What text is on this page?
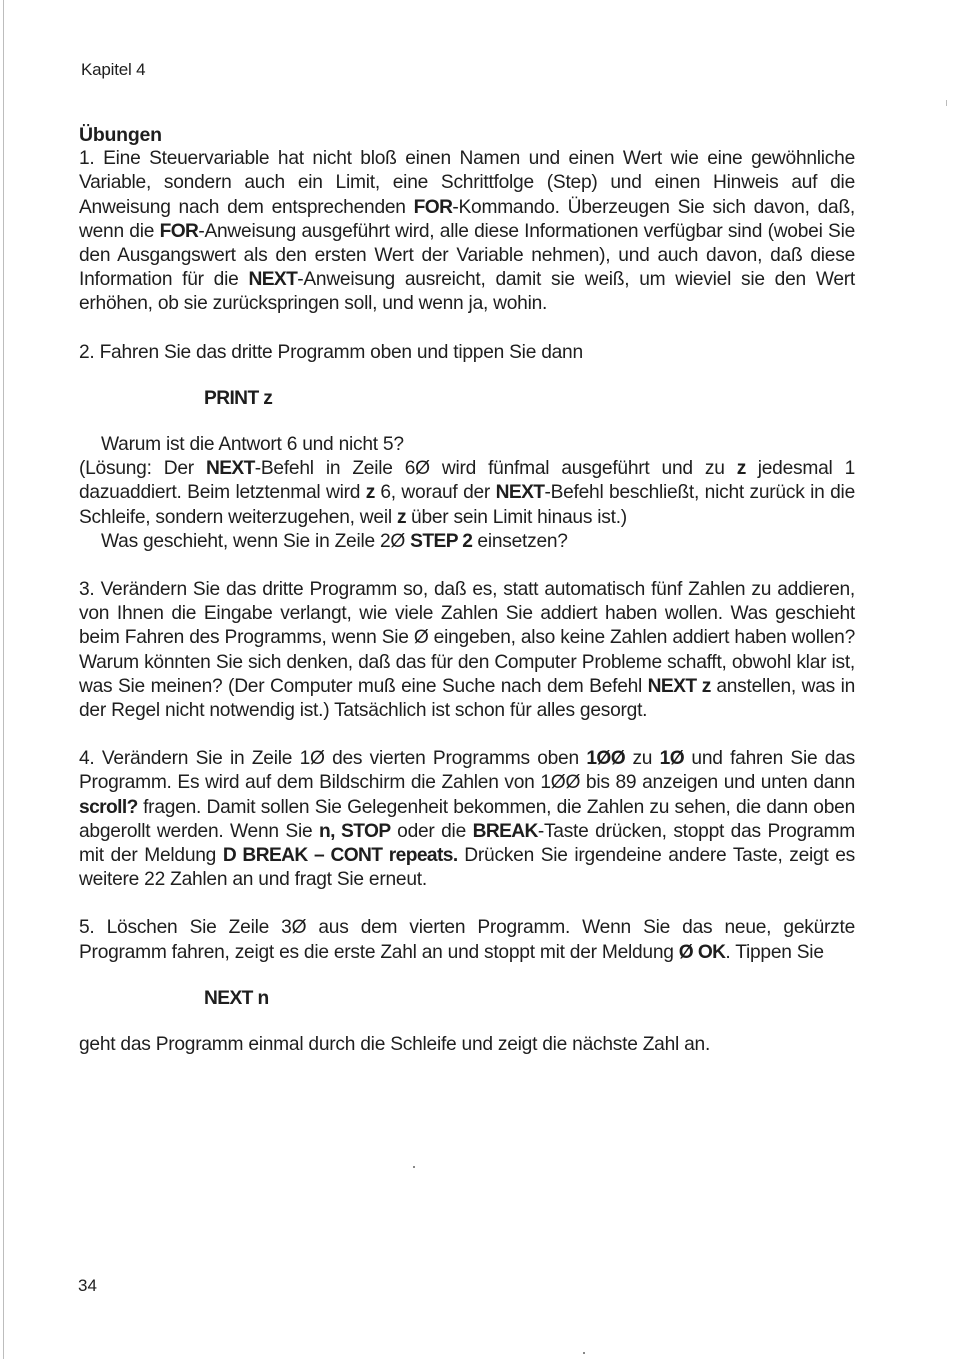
Kapitel 4

Übungen

1. Eine Steuervariable hat nicht bloß einen Namen und einen Wert wie eine gewöhnliche Variable, sondern auch ein Limit, eine Schrittfolge (Step) und einen Hinweis auf die Anweisung nach dem entsprechenden FOR-Kommando. Überzeugen Sie sich davon, daß, wenn die FOR-Anweisung ausgeführt wird, alle diese Informationen verfügbar sind (wobei Sie den Ausgangswert als den ersten Wert der Variable nehmen), und auch davon, daß diese Information für die NEXT-Anweisung ausreicht, damit sie weiß, um wieviel sie den Wert erhöhen, ob sie zurückspringen soll, und wenn ja, wohin.

2. Fahren Sie das dritte Programm oben und tippen Sie dann

PRINT z

Warum ist die Antwort 6 und nicht 5?

(Lösung: Der NEXT-Befehl in Zeile 6Ø wird fünfmal ausgeführt und zu z jedesmal 1 dazuaddiert. Beim letztenmal wird z 6, worauf der NEXT-Befehl beschließt, nicht zurück in die Schleife, sondern weiterzugehen, weil z über sein Limit hinaus ist.)

Was geschieht, wenn Sie in Zeile 2Ø STEP 2 einsetzen?

3. Verändern Sie das dritte Programm so, daß es, statt automatisch fünf Zahlen zu addieren, von Ihnen die Eingabe verlangt, wie viele Zahlen Sie addiert haben wollen. Was geschieht beim Fahren des Programms, wenn Sie Ø eingeben, also keine Zahlen addiert haben wollen? Warum könnten Sie sich denken, daß das für den Computer Probleme schafft, obwohl klar ist, was Sie meinen? (Der Computer muß eine Suche nach dem Befehl NEXT z anstellen, was in der Regel nicht notwendig ist.) Tatsächlich ist schon für alles gesorgt.

4. Verändern Sie in Zeile 1Ø des vierten Programms oben 1ØØ zu 1Ø und fahren Sie das Programm. Es wird auf dem Bildschirm die Zahlen von 1ØØ bis 89 anzeigen und unten dann scroll? fragen. Damit sollen Sie Gelegenheit bekommen, die Zahlen zu sehen, die dann oben abgerollt werden. Wenn Sie n, STOP oder die BREAK-Taste drücken, stoppt das Programm mit der Meldung D BREAK – CONT repeats. Drücken Sie irgendeine andere Taste, zeigt es weitere 22 Zahlen an und fragt Sie erneut.

5. Löschen Sie Zeile 3Ø aus dem vierten Programm. Wenn Sie das neue, gekürzte Programm fahren, zeigt es die erste Zahl an und stoppt mit der Meldung Ø OK. Tippen Sie

NEXT n

geht das Programm einmal durch die Schleife und zeigt die nächste Zahl an.

34
